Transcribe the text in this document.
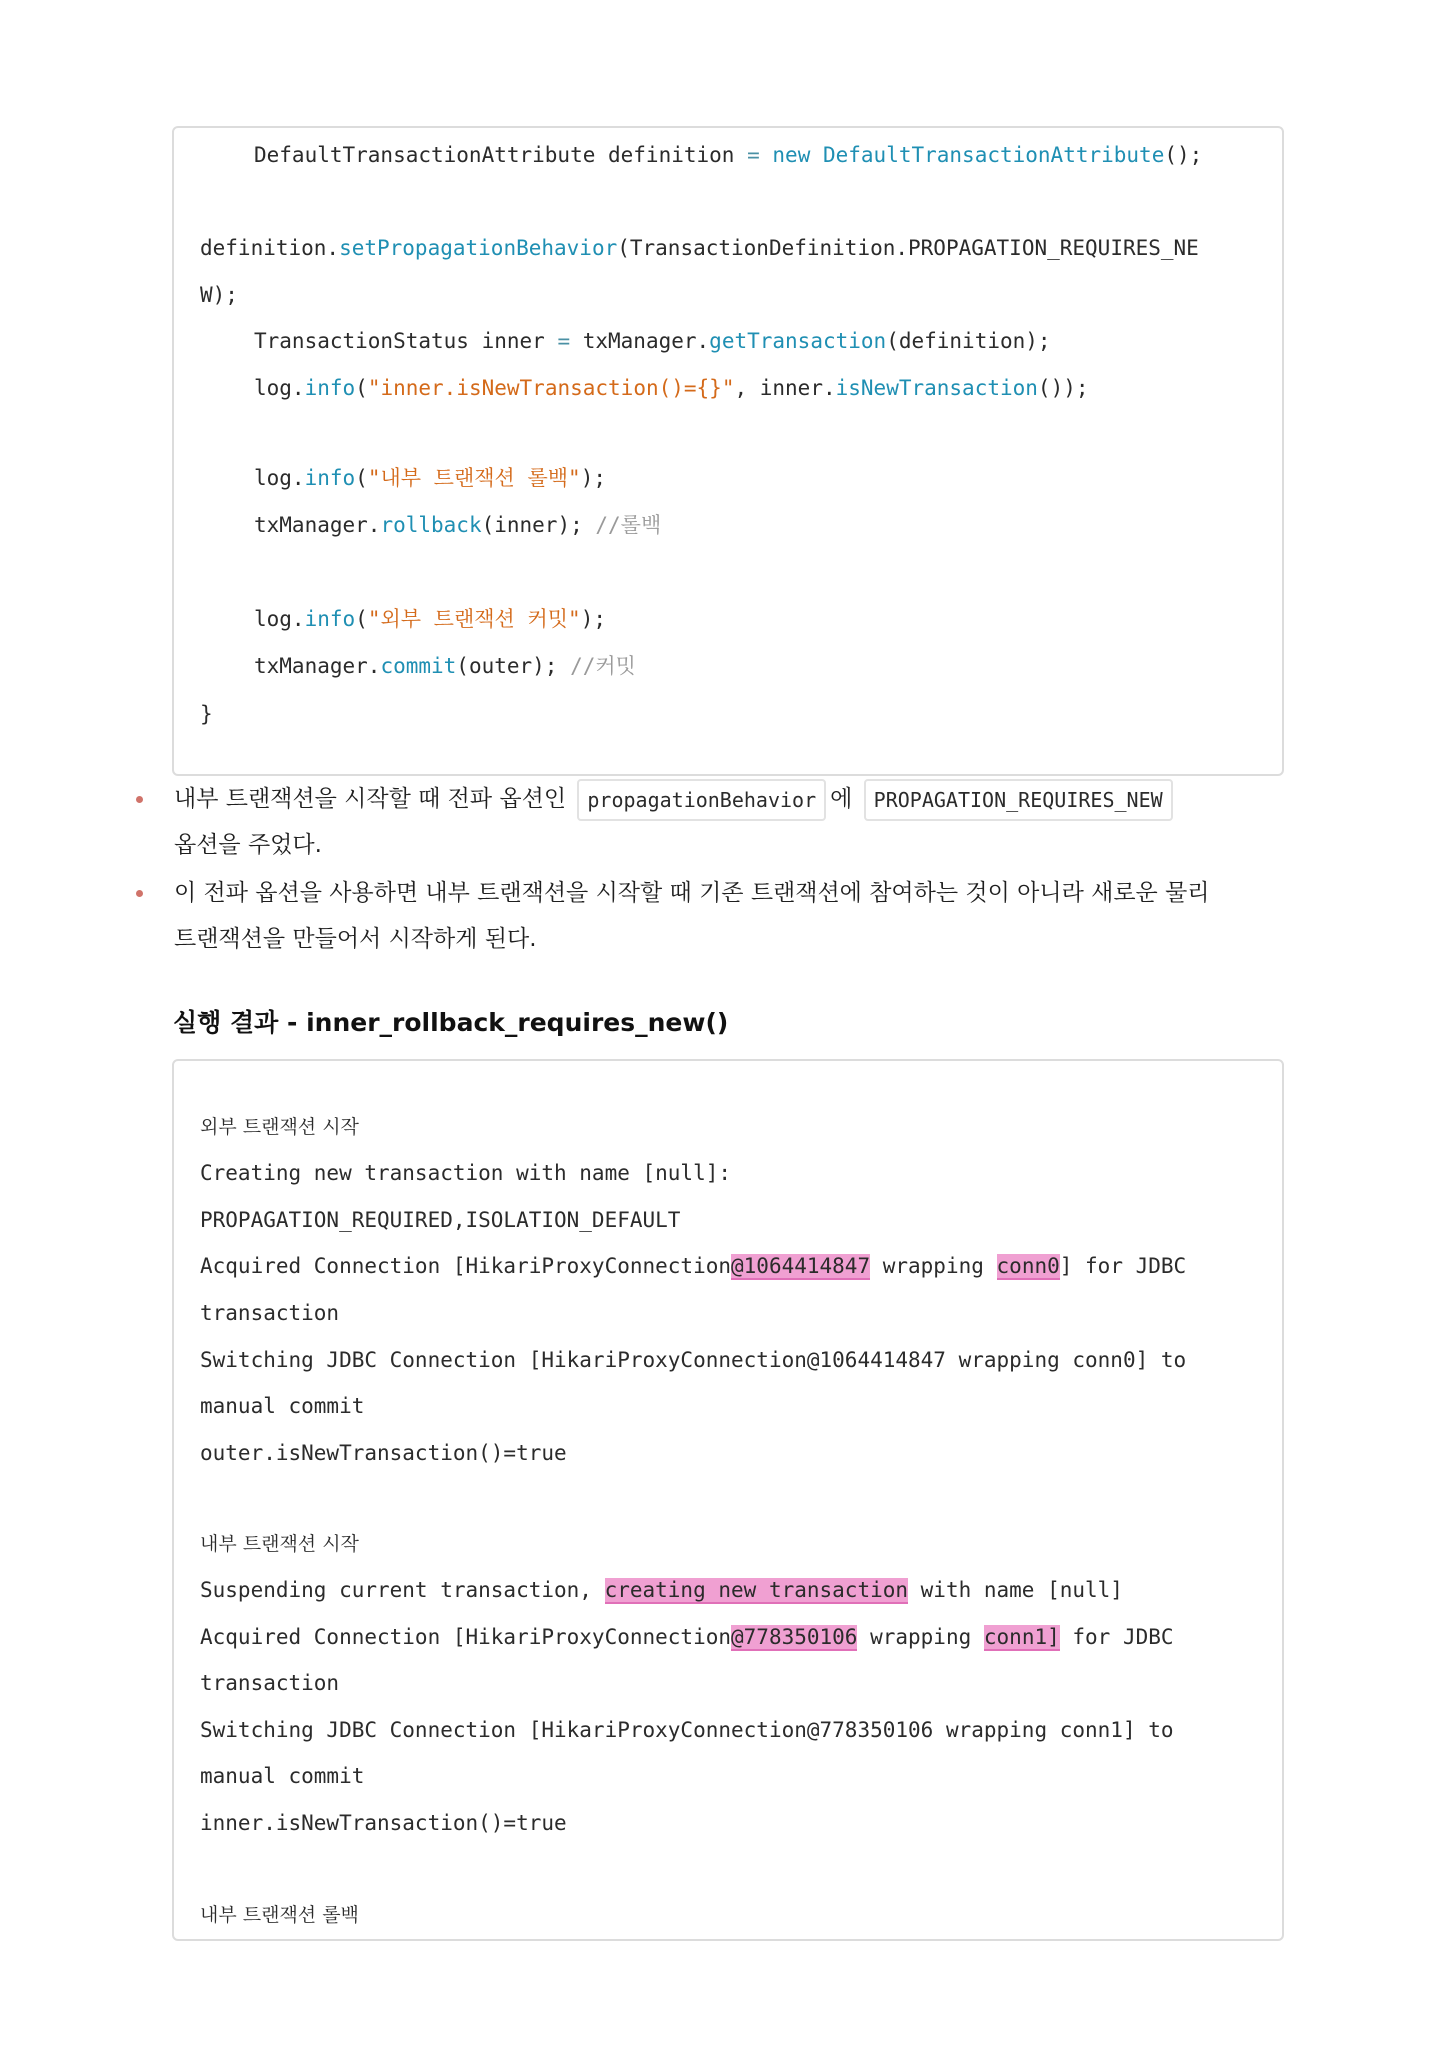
DefaultTransactionAttribute definition = new DefaultTransactionAttribute();
definition.setPropagationBehavior(TransactionDefinition.PROPAGATION_REQUIRES_NE
W);
TransactionStatus inner = txManager.getTransaction(definition);
log.info("inner.isNewTransaction()={}", inner.isNewTransaction());
log.info("내부 트랜잭션 롤백");
txManager.rollback(inner); //롤백
log.info("외부 트랜잭션 커밋");
txManager.commit(outer); //커밋
}
내부 트랜잭션을 시작할 때 전파 옵션인 propagationBehavior 에 PROPAGATION_REQUIRES_NEW
옵션을 주었다.
이 전파 옵션을 사용하면 내부 트랜잭션을 시작할 때 기존 트랜잭션에 참여하는 것이 아니라 새로운 물리
트랜잭션을 만들어서 시작하게 된다.
실행 결과 - inner_rollback_requires_new()
외부 트랜잭션 시작
Creating new transaction with name [null]:
PROPAGATION_REQUIRED,ISOLATION_DEFAULT
Acquired Connection [HikariProxyConnection@1064414847 wrapping conn0] for JDBC
transaction
Switching JDBC Connection [HikariProxyConnection@1064414847 wrapping conn0] to
manual commit
outer.isNewTransaction()=true
내부 트랜잭션 시작
Suspending current transaction, creating new transaction with name [null]
Acquired Connection [HikariProxyConnection@778350106 wrapping conn1] for JDBC
transaction
Switching JDBC Connection [HikariProxyConnection@778350106 wrapping conn1] to
manual commit
inner.isNewTransaction()=true
내부 트랜잭션 롤백
